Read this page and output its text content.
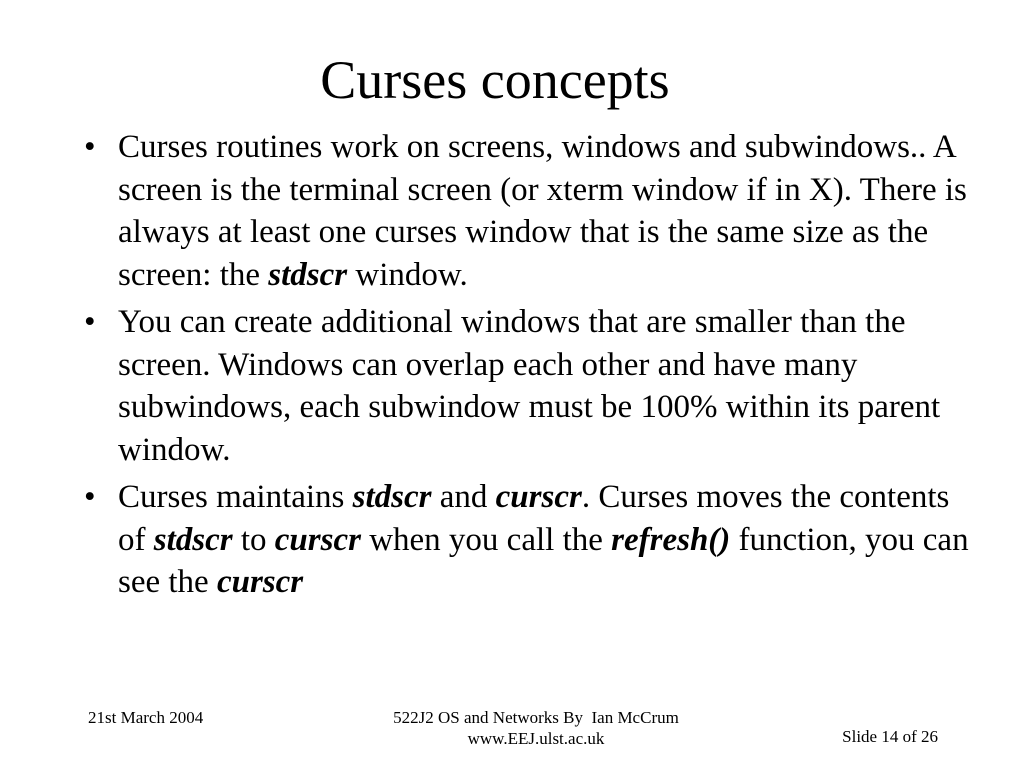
Curses concepts
• Curses routines work on screens, windows and subwindows.. A screen is the terminal screen (or xterm window if in X). There is always at least one curses window that is the same size as the screen: the stdscr window.
• You can create additional windows that are smaller than the screen. Windows can overlap each other and have many subwindows, each subwindow must be 100% within its parent window.
• Curses maintains stdscr and curscr. Curses moves the contents of stdscr to curscr when you call the refresh() function, you can see the curscr
21st March 2004	522J2 OS and Networks By  Ian McCrum
www.EEJ.ulst.ac.uk	Slide 14 of 26
